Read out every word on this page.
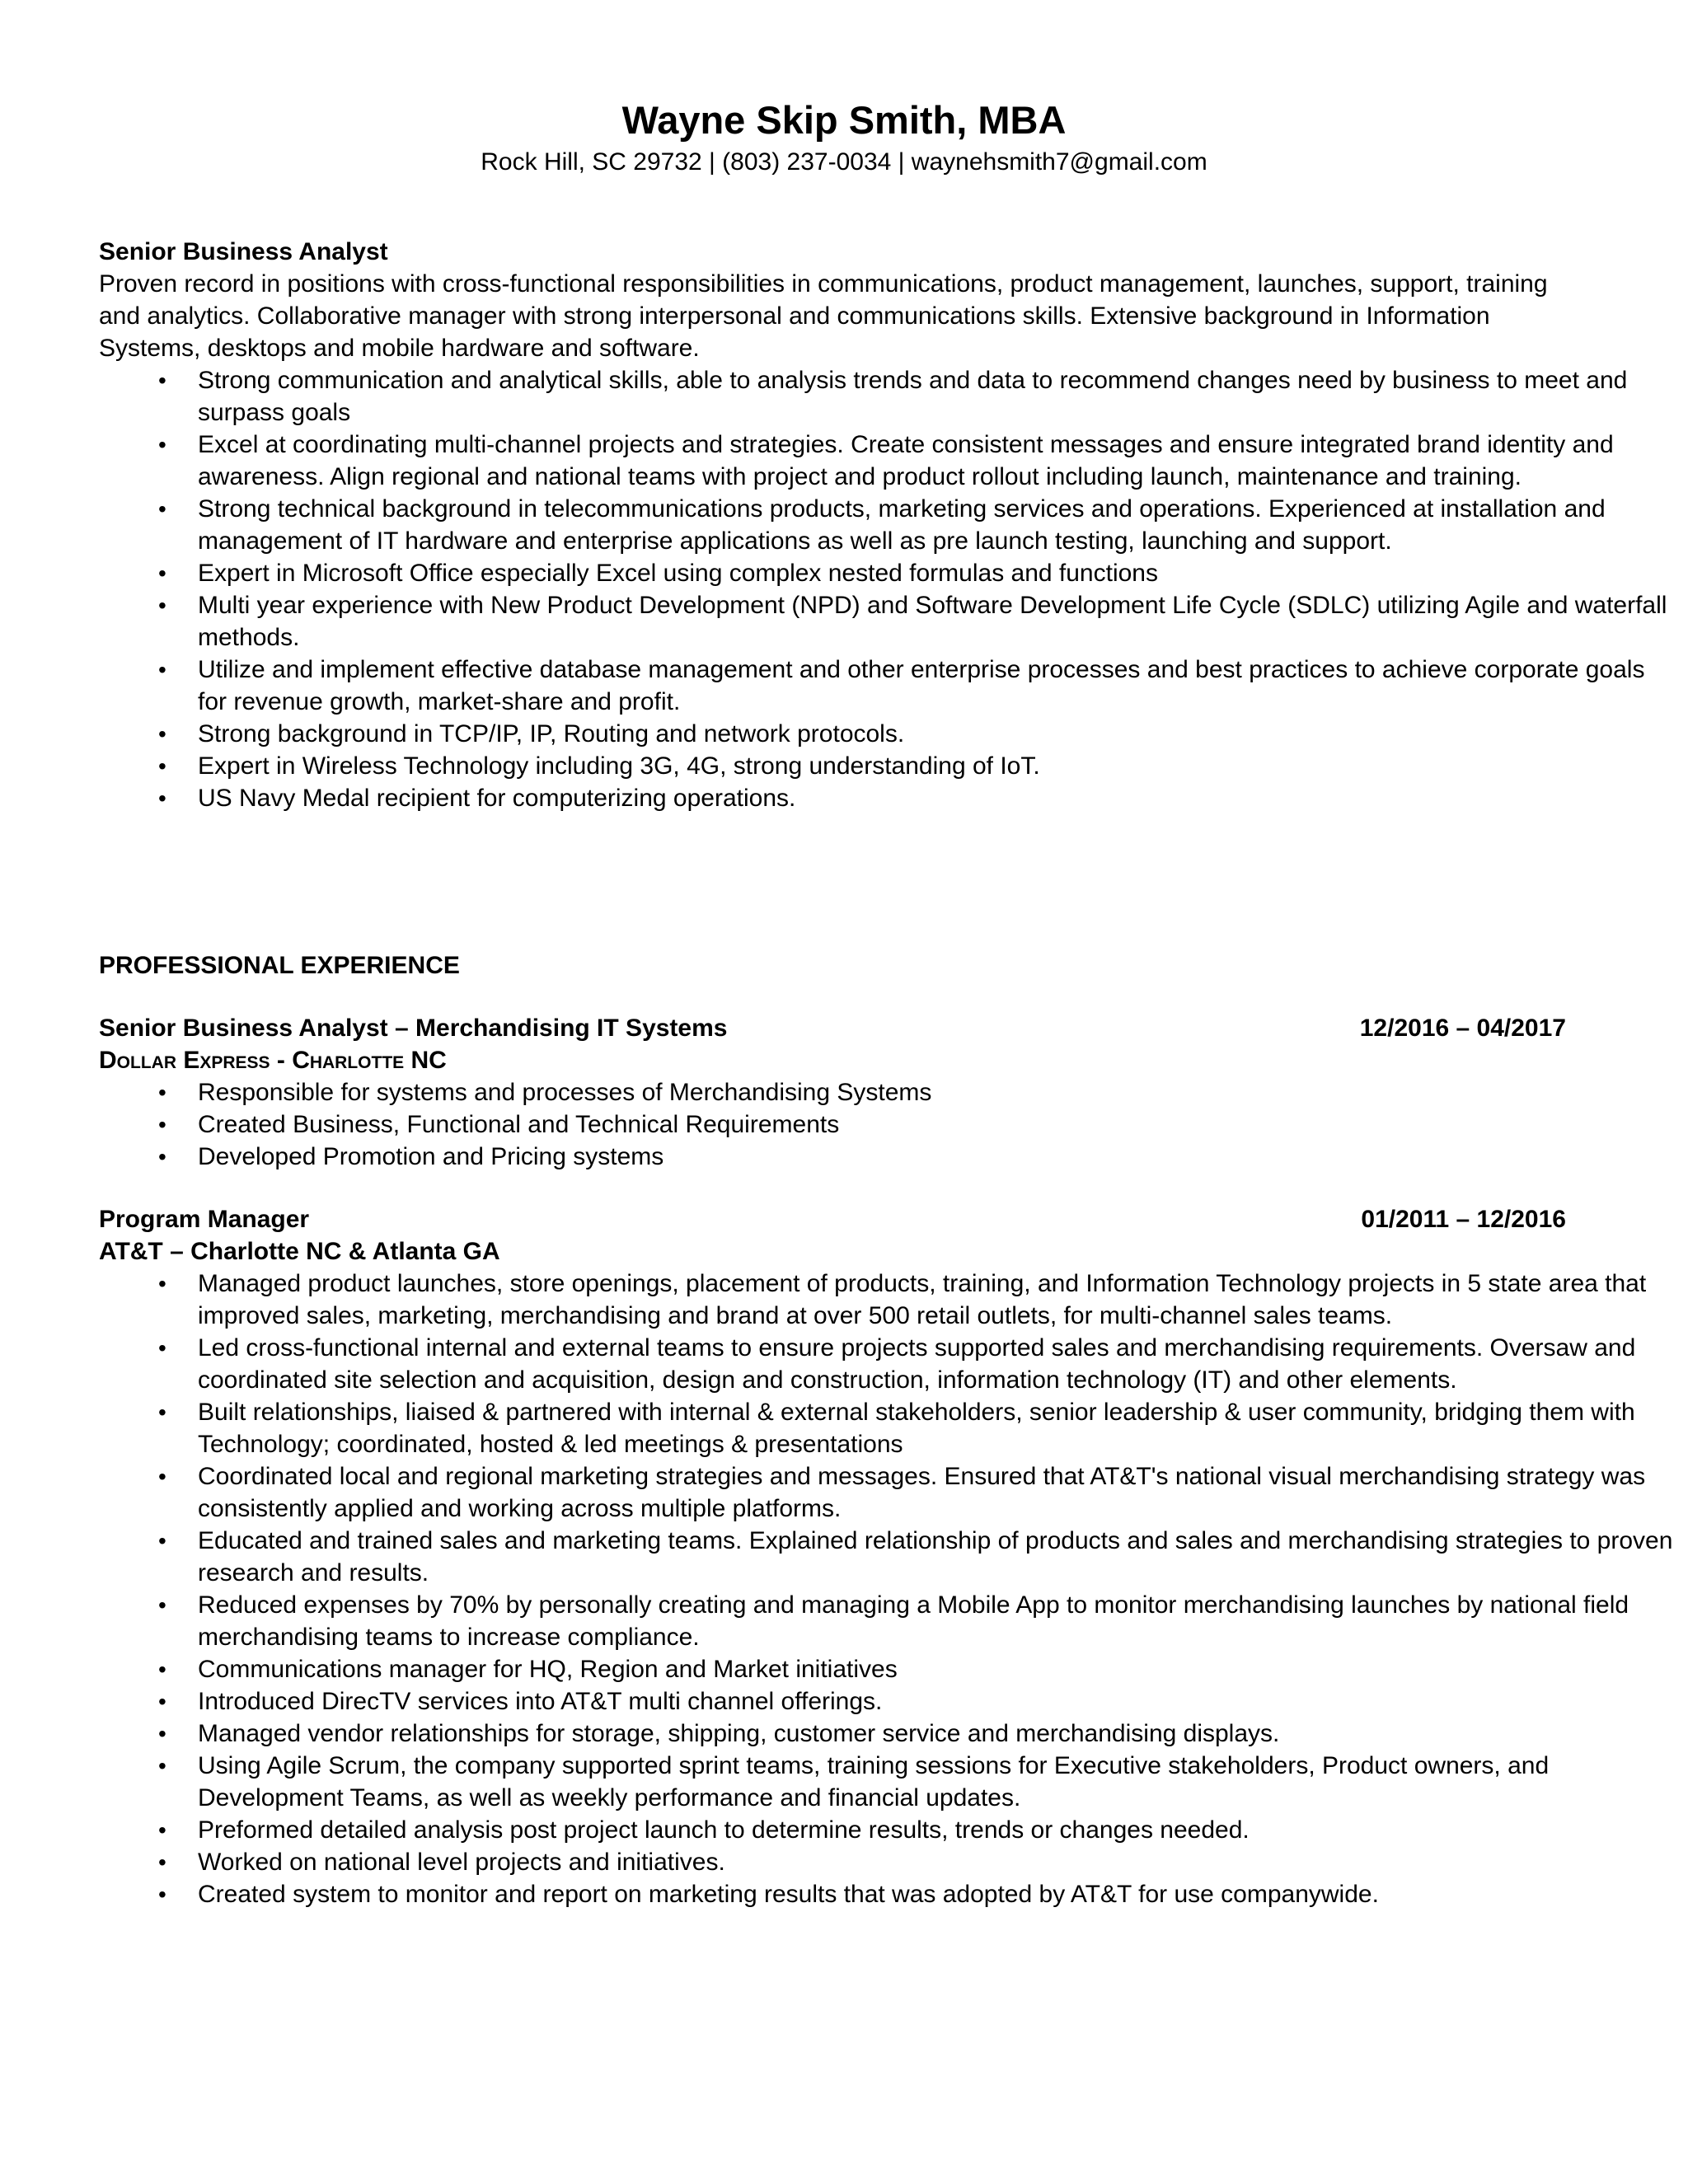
Wayne Skip Smith, MBA

Rock Hill, SC 29732 | (803) 237-0034 | waynehsmith7@gmail.com

Senior Business Analyst
Proven record in positions with cross-functional responsibilities in communications, product management, launches, support, training and analytics. Collaborative manager with strong interpersonal and communications skills. Extensive background in Information Systems, desktops and mobile hardware and software.
• Strong communication and analytical skills, able to analysis trends and data to recommend changes need by business to meet and surpass goals
• Excel at coordinating multi-channel projects and strategies. Create consistent messages and ensure integrated brand identity and awareness. Align regional and national teams with project and product rollout including launch, maintenance and training.
• Strong technical background in telecommunications products, marketing services and operations. Experienced at installation and management of IT hardware and enterprise applications as well as pre launch testing, launching and support.
• Expert in Microsoft Office especially Excel using complex nested formulas and functions
• Multi year experience with New Product Development (NPD) and Software Development Life Cycle (SDLC) utilizing Agile and waterfall methods.
• Utilize and implement effective database management and other enterprise processes and best practices to achieve corporate goals for revenue growth, market-share and profit.
• Strong background in TCP/IP, IP, Routing and network protocols.
• Expert in Wireless Technology including 3G, 4G, strong understanding of IoT.
• US Navy Medal recipient for computerizing operations.
PROFESSIONAL EXPERIENCE
Senior Business Analyst – Merchandising IT Systems	12/2016 – 04/2017
Dollar Express - Charlotte NC
• Responsible for systems and processes of Merchandising Systems
• Created Business, Functional and Technical Requirements
• Developed Promotion and Pricing systems
Program Manager	01/2011 – 12/2016
AT&T – Charlotte NC & Atlanta GA
• Managed product launches, store openings, placement of products, training, and Information Technology projects in 5 state area that improved sales, marketing, merchandising and brand at over 500 retail outlets, for multi-channel sales teams.
• Led cross-functional internal and external teams to ensure projects supported sales and merchandising requirements. Oversaw and coordinated site selection and acquisition, design and construction, information technology (IT) and other elements.
• Built relationships, liaised & partnered with internal & external stakeholders, senior leadership & user community, bridging them with Technology; coordinated, hosted & led meetings & presentations
• Coordinated local and regional marketing strategies and messages. Ensured that AT&T's national visual merchandising strategy was consistently applied and working across multiple platforms.
• Educated and trained sales and marketing teams. Explained relationship of products and sales and merchandising strategies to proven research and results.
• Reduced expenses by 70% by personally creating and managing a Mobile App to monitor merchandising launches by national field merchandising teams to increase compliance.
• Communications manager for HQ, Region and Market initiatives
• Introduced DirecTV services into AT&T multi channel offerings.
• Managed vendor relationships for storage, shipping, customer service and merchandising displays.
• Using Agile Scrum, the company supported sprint teams, training sessions for Executive stakeholders, Product owners, and Development Teams, as well as weekly performance and financial updates.
• Preformed detailed analysis post project launch to determine results, trends or changes needed.
• Worked on national level projects and initiatives.
• Created system to monitor and report on marketing results that was adopted by AT&T for use companywide.
